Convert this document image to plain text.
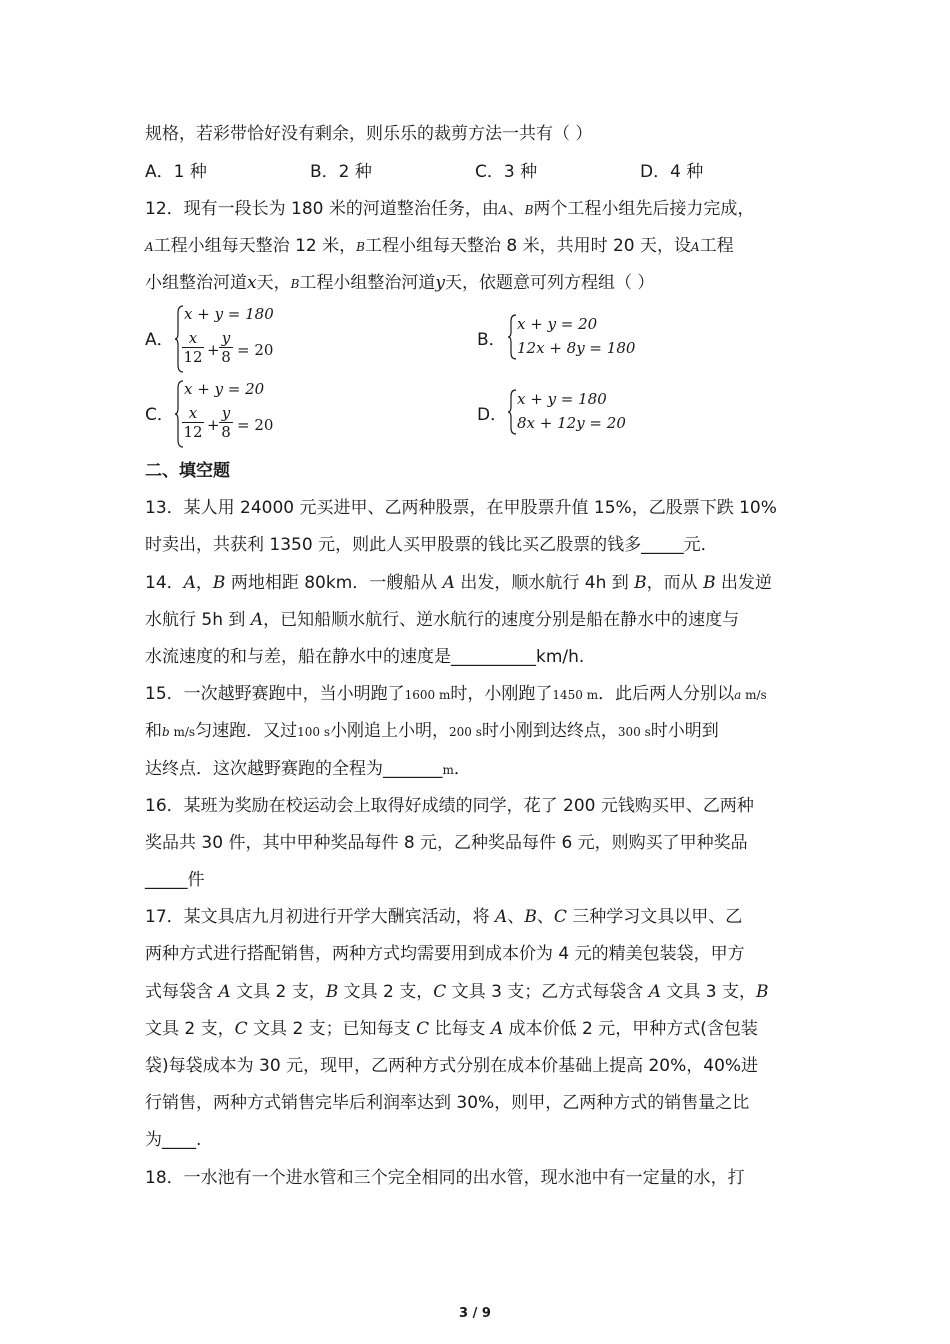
规格，若彩带恰好没有剩余，则乐乐的裁剪方法一共有（ ）
A．1 种	B．2 种	C．3 种	D．4 种
12．现有一段长为 180 米的河道整治任务，由A、B两个工程小组先后接力完成，
A工程小组每天整治 12 米，B工程小组每天整治 8 米，共用时 20 天，设A工程
小组整治河道x天，B工程小组整治河道y天，依题意可列方程组（ ）
A．
x + y = 180
x
12 +
y
8 = 20	B．
x + y = 20
12x + 8y = 180
C．
x + y = 20
x
12 +
y
8 = 20	D．
x + y = 180
8x + 12y = 20
二、填空题
13．某人用 24000 元买进甲、乙两种股票，在甲股票升值 15%，乙股票下跌 10%
时卖出，共获利 1350 元，则此人买甲股票的钱比买乙股票的钱多_____元．
14．A，B 两地相距 80km．一艘船从 A 出发，顺水航行 4h 到 B，而从 B 出发逆
水航行 5h 到 A，已知船顺水航行、逆水航行的速度分别是船在静水中的速度与
水流速度的和与差，船在静水中的速度是__________km/h.
15．一次越野赛跑中，当小明跑了1600 m时，小刚跑了1450 m．此后两人分别以a m/s
和b m/s匀速跑．又过100 s小刚追上小明，200 s时小刚到达终点，300 s时小明到
达终点．这次越野赛跑的全程为_______m．
16．某班为奖励在校运动会上取得好成绩的同学，花了 200 元钱购买甲、乙两种
奖品共 30 件，其中甲种奖品每件 8 元，乙种奖品每件 6 元，则购买了甲种奖品
_____件
17．某文具店九月初进行开学大酬宾活动，将 A、B、C 三种学习文具以甲、乙
两种方式进行搭配销售，两种方式均需要用到成本价为 4 元的精美包装袋，甲方
式每袋含 A 文具 2 支，B 文具 2 支，C 文具 3 支；乙方式每袋含 A 文具 3 支，B
文具 2 支，C 文具 2 支；已知每支 C 比每支 A 成本价低 2 元，甲种方式(含包装
袋)每袋成本为 30 元，现甲，乙两种方式分别在成本价基础上提高 20%，40%进
行销售，两种方式销售完毕后利润率达到 30%，则甲，乙两种方式的销售量之比
为____.
18．一水池有一个进水管和三个完全相同的出水管，现水池中有一定量的水，打
3 / 9
